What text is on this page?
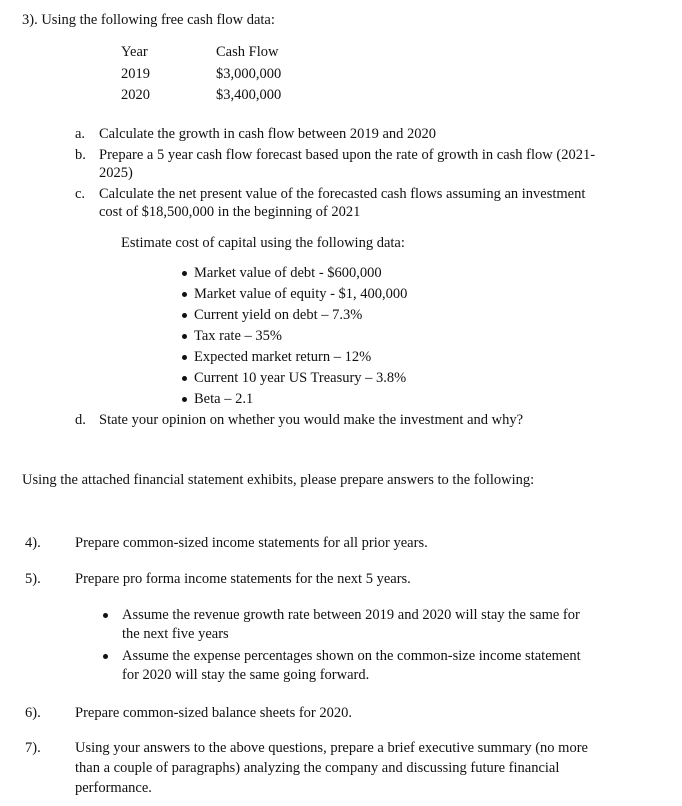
3). Using the following free cash flow data:
Year	Cash Flow
2019	$3,000,000
2020	$3,400,000
a. Calculate the growth in cash flow between 2019 and 2020
b. Prepare a 5 year cash flow forecast based upon the rate of growth in cash flow (2021-
2025)
c. Calculate the net present value of the forecasted cash flows assuming an investment
cost of $18,500,000 in the beginning of 2021
Estimate cost of capital using the following data:
Market value of debt - $600,000
Market value of equity - $1, 400,000
Current yield on debt – 7.3%
Tax rate – 35%
Expected market return – 12%
Current 10 year US Treasury – 3.8%
Beta – 2.1
d. State your opinion on whether you would make the investment and why?
Using the attached financial statement exhibits, please prepare answers to the following:
4). Prepare common-sized income statements for all prior years.
5). Prepare pro forma income statements for the next 5 years.
Assume the revenue growth rate between 2019 and 2020 will stay the same for
the next five years
Assume the expense percentages shown on the common-size income statement
for 2020 will stay the same going forward.
6). Prepare common-sized balance sheets for 2020.
7). Using your answers to the above questions, prepare a brief executive summary (no more
than a couple of paragraphs) analyzing the company and discussing future financial
performance.
